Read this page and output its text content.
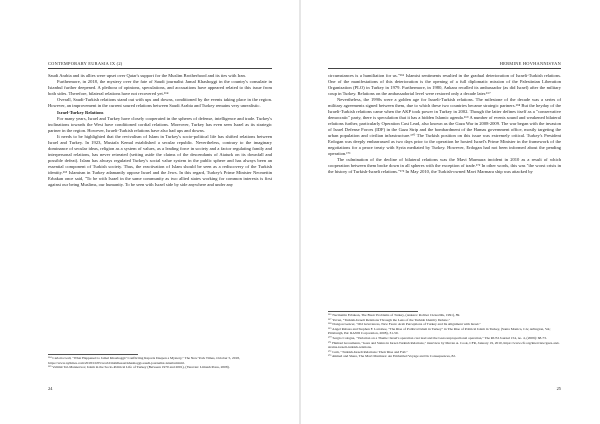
CONTEMPORARY EURASIA IX (2)

Saudi Arabia and its allies were upset over Qatar's support for the Muslim Brotherhood and its ties with Iran.

Furthermore, in 2018, the mystery over the fate of Saudi journalist Jamal Khashoggi in the country's consulate in Istanbul further deepened. A plethora of opinions, speculations, and accusations have appeared related to this issue from both sides. Therefore, bilateral relations have not recovered yet.¹⁶⁴

Overall, Saudi-Turkish relations stand out with ups and downs, conditioned by the events taking place in the region. However, an improvement in the current soured relations between Saudi Arabia and Turkey remains very unrealistic.

Israel-Turkey Relations

For many years, Israel and Turkey have closely cooperated in the spheres of defense, intelligence and trade. Turkey's inclinations towards the West have conditioned cordial relations. Moreover, Turkey has even seen Israel as its strategic partner in the region. However, Israeli-Turkish relations have also had ups and downs.

It needs to be highlighted that the revivalism of Islam in Turkey's socio-political life has shifted relations between Israel and Turkey. In 1923, Mustafa Kemal established a secular republic. Nevertheless, contrary to the imaginary dominance of secular ideas, religion as a system of values, as a leading force in society and a factor regulating family and interpersonal relations, has never retreated (setting aside the claims of the descendants of Ataturk on its downfall and possible defeat). Islam has always regulated Turkey's social value system in the public sphere and has always been an essential component of Turkish society. Thus, the reactivation of Islam should be seen as a rediscovery of the Turkish identity.¹⁶⁵ Islamism in Turkey adamantly oppose Israel and the Jews. In this regard, Turkey's Prime Minister Necmettin Erbakan once said, "To be with Israel in the same community as two allied states working for common interests is first against our being Muslims, our humanity. To be seen with Israel side by side anywhere and under any

¹⁶⁴ Carlotta Gall, "What Happened to Jamal Khashoggi? Conflicting Reports Deepen a Mystery," The New York Times, October 5, 2018, https://www.nytimes.com/2018/10/05/world/middleeast/khashoggi-saudi-journalist-istanbul.html.

¹⁶⁵ Valimir Tel-Mannevsov, Islam in the Socio-Political Life of Turkey (Between 1970 and 2001), (Yerevan: Limush Press, 2008).

24
HERMINE HOVHANNISYAN

circumstances is a humiliation for us."¹⁶⁶ Islamist sentiments resulted in the gradual deterioration of Israeli-Turkish relations. One of the manifestations of this deterioration is the opening of a full diplomatic mission of the Palestinian Liberation Organization (PLO) in Turkey in 1979. Furthermore, in 1980, Ankara recalled its ambassador (as did Israel) after the military coup in Turkey. Relations on the ambassadorial level were restored only a decade later.¹⁶⁷

Nevertheless, the 1990s were a golden age for Israeli-Turkish relations. The milestone of the decade was a series of military agreements signed between them, due to which these two countries became strategic partners.¹⁶⁸ But the heyday of the Israeli-Turkish relations came when the AKP took power in Turkey in 2002. Though the latter defines itself as a "conservative democratic" party, there is speculation that it has a hidden Islamic agenda.¹⁶⁹ A number of events sound and weakened bilateral relations further, particularly Operation Cast Lead, also known as the Gaza War in 2008-2009. The war began with the invasion of Israel Defense Forces (IDF) in the Gaza Strip and the bombardment of the Hamas government office, mostly targeting the urban population and civilian infrastructure.¹⁷⁰ The Turkish position on this issue was extremely critical. Turkey's President Erdogan was deeply embarrassed as two days prior to the operation he hosted Israel's Prime Minister in the framework of the negotiations for a peace treaty with Syria mediated by Turkey. However, Erdogan had not been informed about the pending operation.¹⁷¹

The culmination of the decline of bilateral relations was the Mavi Marmara incident in 2010 as a result of which cooperation between them broke down in all spheres with the exception of trade.¹⁷² In other words, this was "the worst crisis in the history of Turkish-Israeli relations."¹⁷³ In May 2010, the Turkish-owned Mavi Marmara ship was attacked by

¹⁶⁶ Necmettin Erbakan, The Basic Problems of Turkey, (Ankara: Robber Cizzecilik, 1991), 89.

¹⁶⁷ Yavuz, "Turkish-Israeli Relations Through the Lens of the Turkish Identity Debate."

¹⁶⁸ Dongou Gencer, "Old Grievances, New Fears: Arab Perceptions of Turkey and Its Alignment with Israel."

¹⁶⁹ Angel Rabasa and Stephen F. Larrabee, "The Rise of Political Islam in Turkey" in The Rise of Political Islam in Turkey, (Santa Monica, CA; Arlington, VA; Pittsburgh, PA: RAND Corporation, 2008), 31-50.

¹⁷⁰ Sergio Cologna, "Variation on a Theme: Israel's operation cast lead and the Gaza unproportional operation," The RUSI Journal 154, no. 4, (2009): 68-73.

¹⁷¹ Hamasl Grossmann, "Gaza and Stains in Israel-Turkish Relations," interview by Mevan A. Cook, CFR, January 19, 2010, https://www.cfr.org/interview/gaza-and-strains-israeli-turkish-relations.

¹⁷² Cem, "Turkish-Israeli Relations: Their Rise and Fall."

¹⁷³ Ahmed and Shere, The Mavi Marmara: An Embattled Voyage and Its Consequences, 82.

25
